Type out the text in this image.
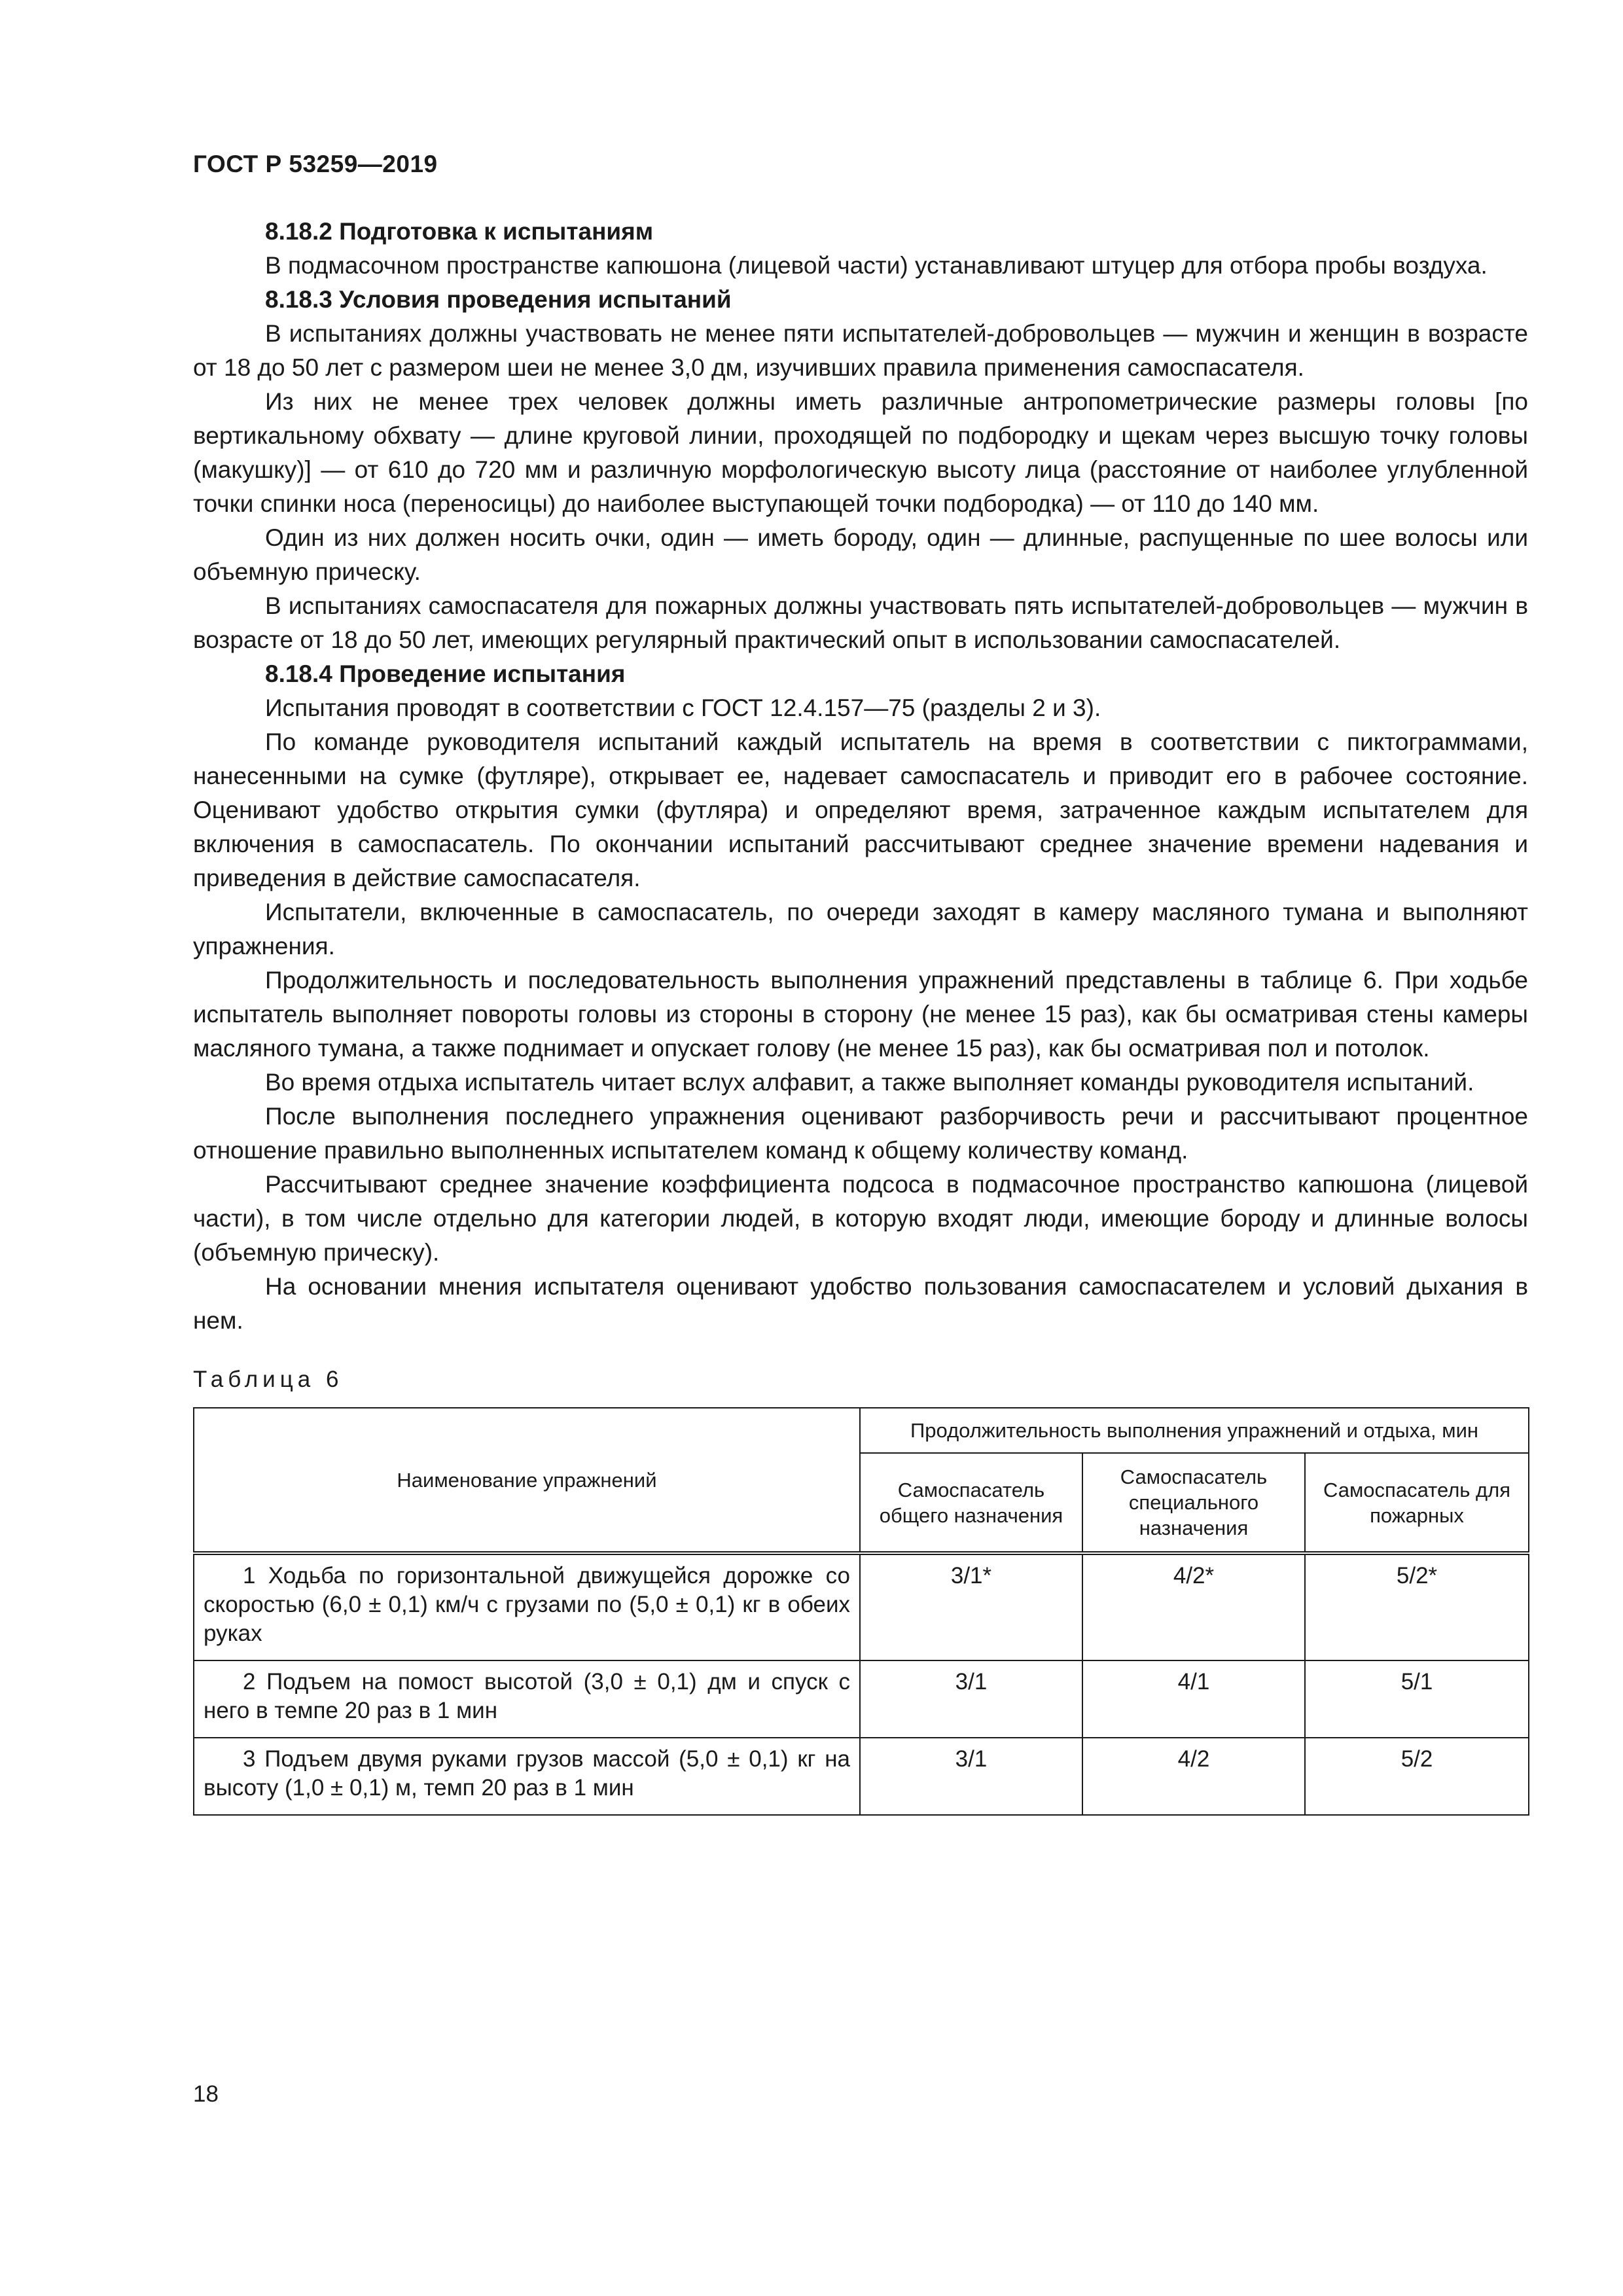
ГОСТ Р 53259—2019
8.18.2 Подготовка к испытаниям

В подмасочном пространстве капюшона (лицевой части) устанавливают штуцер для отбора пробы воздуха.

8.18.3 Условия проведения испытаний

В испытаниях должны участвовать не менее пяти испытателей-добровольцев — мужчин и женщин в возрасте от 18 до 50 лет с размером шеи не менее 3,0 дм, изучивших правила применения самоспасателя.

Из них не менее трех человек должны иметь различные антропометрические размеры головы [по вертикальному обхвату — длине круговой линии, проходящей по подбородку и щекам через высшую точку головы (макушку)] — от 610 до 720 мм и различную морфологическую высоту лица (расстояние от наиболее углубленной точки спинки носа (переносицы) до наиболее выступающей точки подбородка) — от 110 до 140 мм.

Один из них должен носить очки, один — иметь бороду, один — длинные, распущенные по шее волосы или объемную прическу.

В испытаниях самоспасателя для пожарных должны участвовать пять испытателей-добровольцев — мужчин в возрасте от 18 до 50 лет, имеющих регулярный практический опыт в использовании самоспасателей.

8.18.4 Проведение испытания

Испытания проводят в соответствии с ГОСТ 12.4.157—75 (разделы 2 и 3).

По команде руководителя испытаний каждый испытатель на время в соответствии с пиктограммами, нанесенными на сумке (футляре), открывает ее, надевает самоспасатель и приводит его в рабочее состояние. Оценивают удобство открытия сумки (футляра) и определяют время, затраченное каждым испытателем для включения в самоспасатель. По окончании испытаний рассчитывают среднее значение времени надевания и приведения в действие самоспасателя.

Испытатели, включенные в самоспасатель, по очереди заходят в камеру масляного тумана и выполняют упражнения.

Продолжительность и последовательность выполнения упражнений представлены в таблице 6. При ходьбе испытатель выполняет повороты головы из стороны в сторону (не менее 15 раз), как бы осматривая стены камеры масляного тумана, а также поднимает и опускает голову (не менее 15 раз), как бы осматривая пол и потолок.

Во время отдыха испытатель читает вслух алфавит, а также выполняет команды руководителя испытаний.

После выполнения последнего упражнения оценивают разборчивость речи и рассчитывают процентное отношение правильно выполненных испытателем команд к общему количеству команд.

Рассчитывают среднее значение коэффициента подсоса в подмасочное пространство капюшона (лицевой части), в том числе отдельно для категории людей, в которую входят люди, имеющие бороду и длинные волосы (объемную прическу).

На основании мнения испытателя оценивают удобство пользования самоспасателем и условий дыхания в нем.

Таблица 6
Наименование упражнений	Продолжительность выполнения упражнений и отдыха, мин		
	Самоспасатель общего назначения	Самоспасатель специального назначения	Самоспасатель для пожарных
1 Ходьба по горизонтальной движущейся дорожке со скоростью (6,0 ± 0,1) км/ч с грузами по (5,0 ± 0,1) кг в обеих руках	3/1*	4/2*	5/2*
2 Подъем на помост высотой (3,0 ± 0,1) дм и спуск с него в темпе 20 раз в 1 мин	3/1	4/1	5/1
3 Подъем двумя руками грузов массой (5,0 ± 0,1) кг на высоту (1,0 ± 0,1) м, темп 20 раз в 1 мин	3/1	4/2	5/2
18
